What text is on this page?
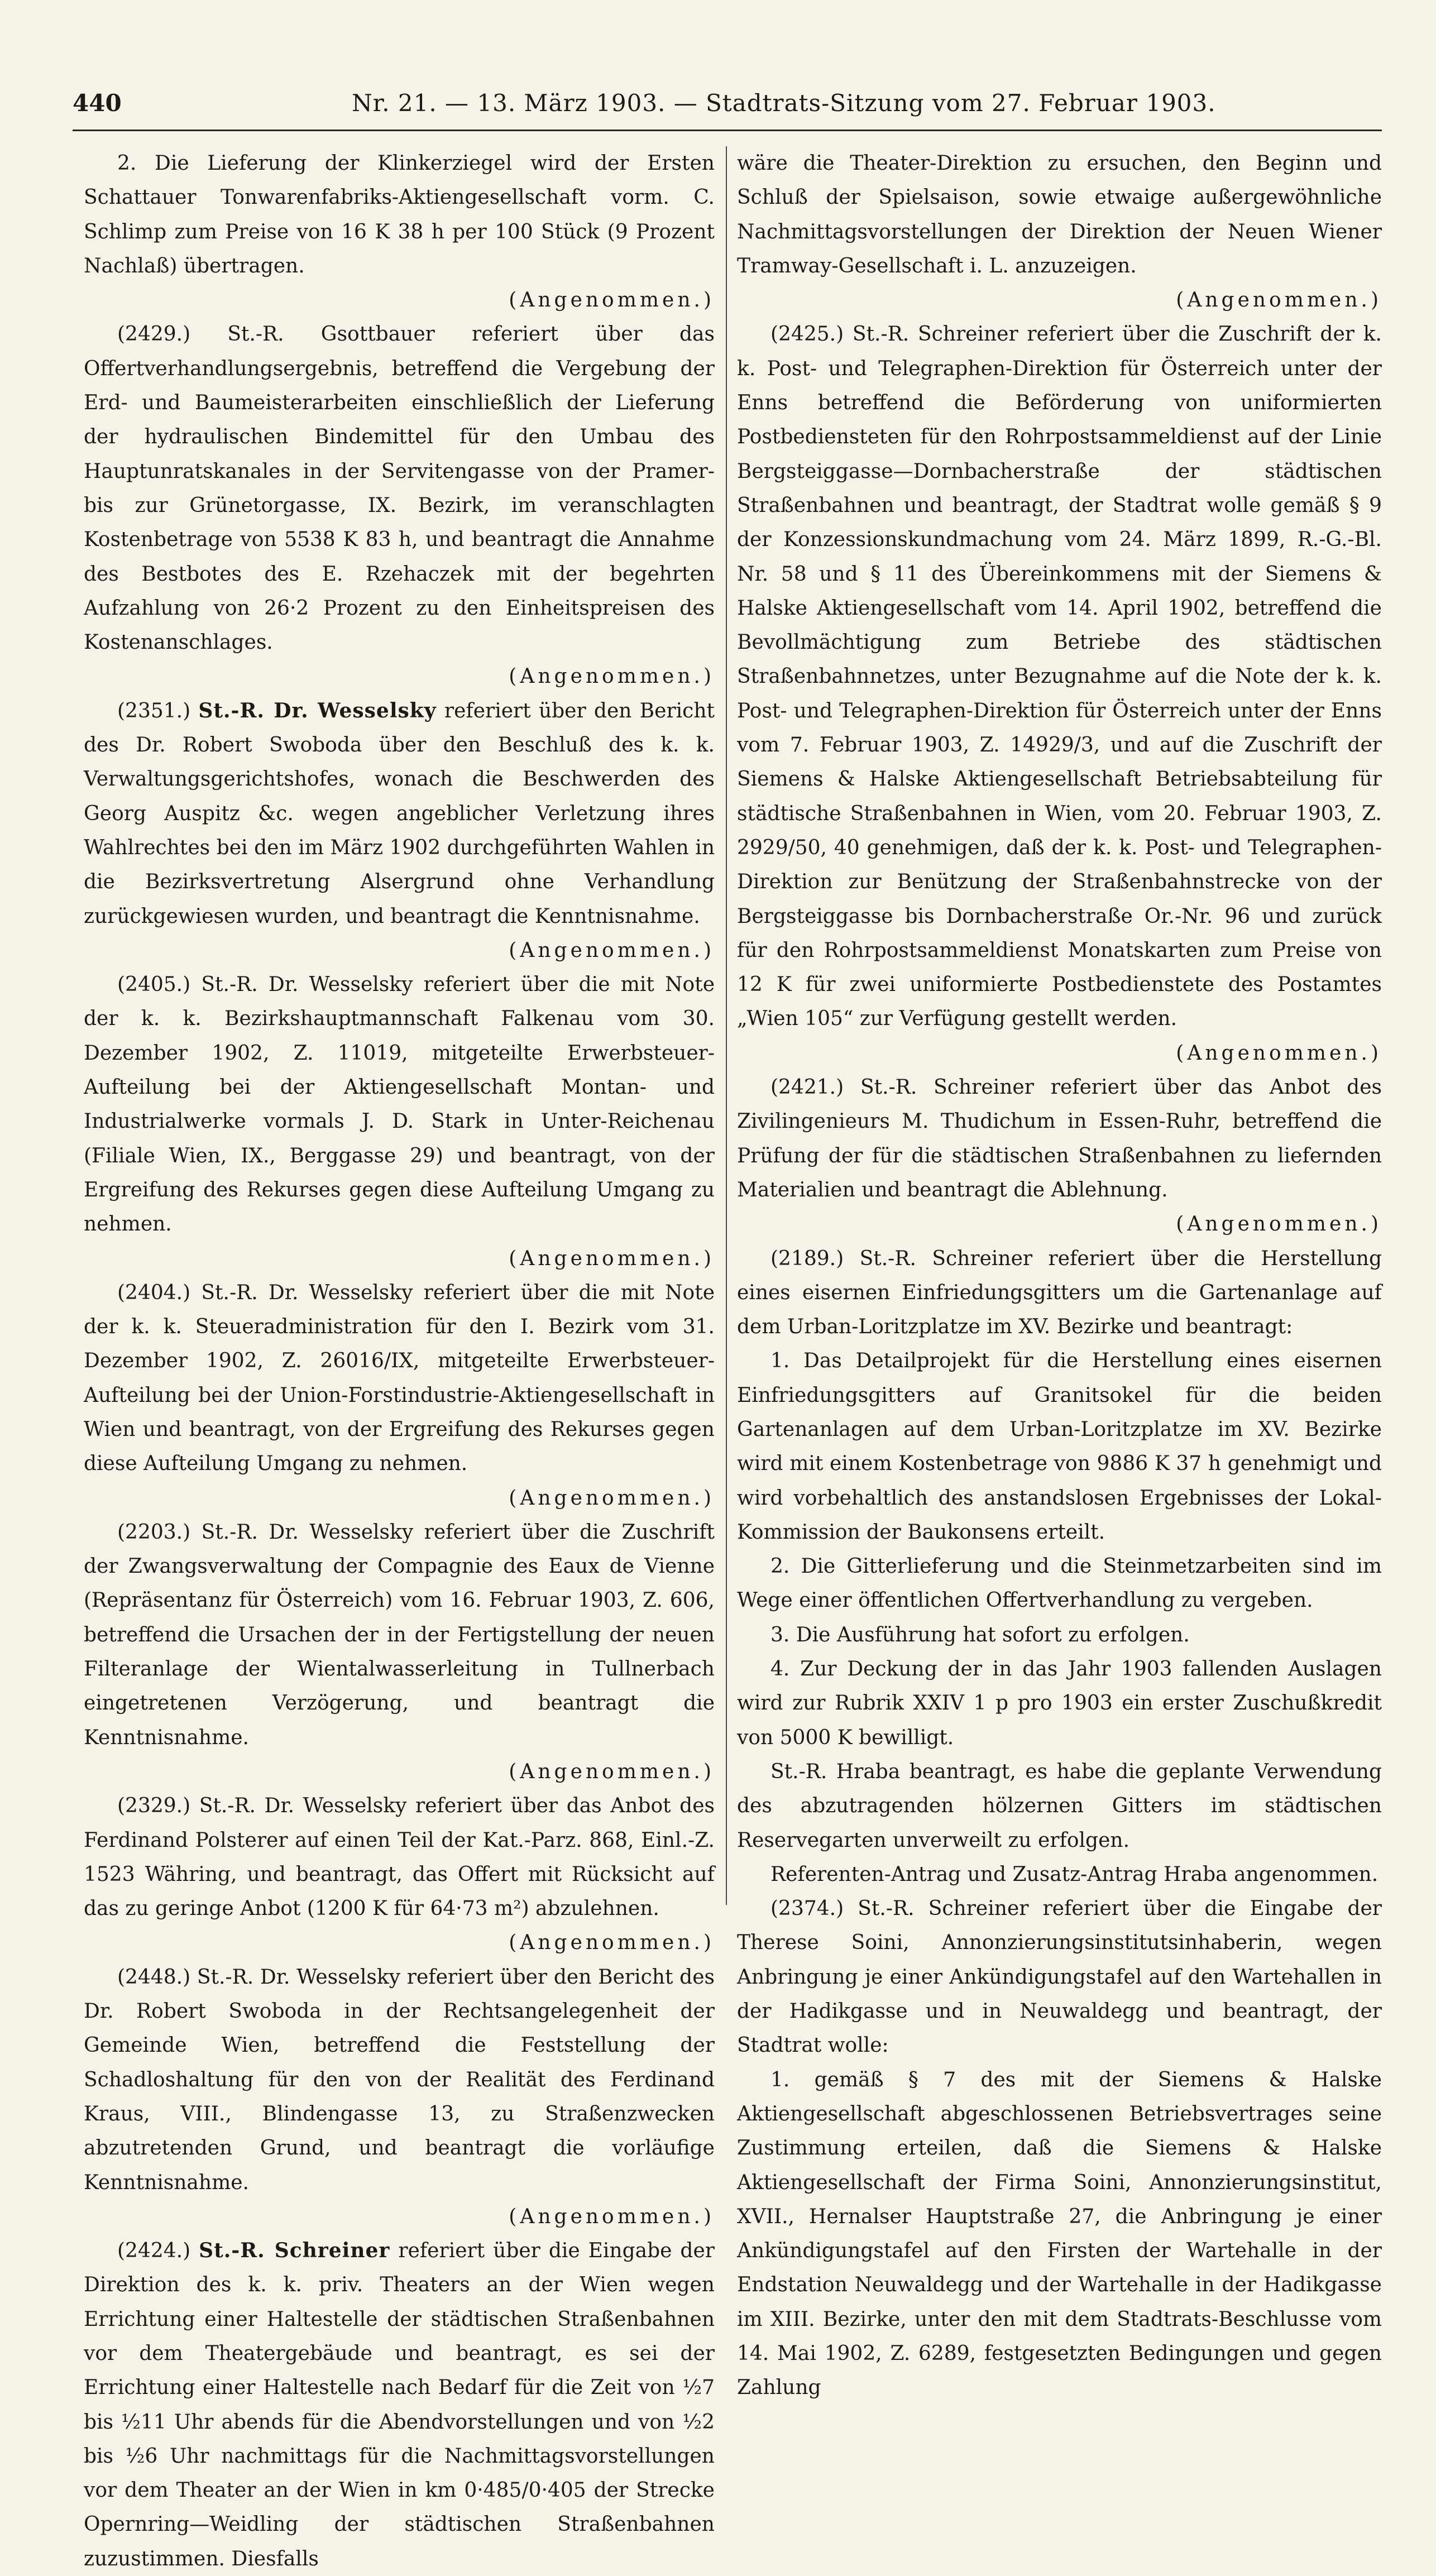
440	Nr. 21. — 13. März 1903. — Stadtrats-Sitzung vom 27. Februar 1903.

2. Die Lieferung der Klinkerziegel wird der Ersten Schattauer Tonwarenfabriks-Aktiengesellschaft vorm. C. Schlimp zum Preise von 16 K 38 h per 100 Stück (9 Prozent Nachlaß) übertragen.

(Angenommen.)

(2429.) St.-R. Gsottbauer referiert über das Offertverhandlungsergebnis, betreffend die Vergebung der Erd- und Baumeisterarbeiten einschließlich der Lieferung der hydraulischen Bindemittel für den Umbau des Hauptunratskanales in der Servitengasse von der Pramer- bis zur Grünetorgasse, IX. Bezirk, im veranschlagten Kostenbetrage von 5538 K 83 h, und beantragt die Annahme des Bestbotes des E. Rzehaczek mit der begehrten Aufzahlung von 26·2 Prozent zu den Einheitspreisen des Kostenanschlages.

(Angenommen.)

(2351.) St.-R. Dr. Wesselsky referiert über den Bericht des Dr. Robert Swoboda über den Beschluß des k. k. Verwaltungsgerichtshofes, wonach die Beschwerden des Georg Auspitz &c. wegen angeblicher Verletzung ihres Wahlrechtes bei den im März 1902 durchgeführten Wahlen in die Bezirksvertretung Alsergrund ohne Verhandlung zurückgewiesen wurden, und beantragt die Kenntnisnahme.

(Angenommen.)

(2405.) St.-R. Dr. Wesselsky referiert über die mit Note der k. k. Bezirkshauptmannschaft Falkenau vom 30. Dezember 1902, Z. 11019, mitgeteilte Erwerbsteuer-Aufteilung bei der Aktiengesellschaft Montan- und Industrialwerke vormals J. D. Stark in Unter-Reichenau (Filiale Wien, IX., Berggasse 29) und beantragt, von der Ergreifung des Rekurses gegen diese Aufteilung Umgang zu nehmen.

(Angenommen.)

(2404.) St.-R. Dr. Wesselsky referiert über die mit Note der k. k. Steueradministration für den I. Bezirk vom 31. Dezember 1902, Z. 26016/IX, mitgeteilte Erwerbsteuer-Aufteilung bei der Union-Forstindustrie-Aktiengesellschaft in Wien und beantragt, von der Ergreifung des Rekurses gegen diese Aufteilung Umgang zu nehmen.

(Angenommen.)

(2203.) St.-R. Dr. Wesselsky referiert über die Zuschrift der Zwangsverwaltung der Compagnie des Eaux de Vienne (Repräsentanz für Österreich) vom 16. Februar 1903, Z. 606, betreffend die Ursachen der in der Fertigstellung der neuen Filteranlage der Wientalwasserleitung in Tullnerbach eingetretenen Verzögerung, und beantragt die Kenntnisnahme.

(Angenommen.)

(2329.) St.-R. Dr. Wesselsky referiert über das Anbot des Ferdinand Polsterer auf einen Teil der Kat.-Parz. 868, Einl.-Z. 1523 Währing, und beantragt, das Offert mit Rücksicht auf das zu geringe Anbot (1200 K für 64·73 m²) abzulehnen.

(Angenommen.)

(2448.) St.-R. Dr. Wesselsky referiert über den Bericht des Dr. Robert Swoboda in der Rechtsangelegenheit der Gemeinde Wien, betreffend die Feststellung der Schadloshaltung für den von der Realität des Ferdinand Kraus, VIII., Blindengasse 13, zu Straßenzwecken abzutretenden Grund, und beantragt die vorläufige Kenntnisnahme.

(Angenommen.)

(2424.) St.-R. Schreiner referiert über die Eingabe der Direktion des k. k. priv. Theaters an der Wien wegen Errichtung einer Haltestelle der städtischen Straßenbahnen vor dem Theatergebäude und beantragt, es sei der Errichtung einer Haltestelle nach Bedarf für die Zeit von ½7 bis ½11 Uhr abends für die Abendvorstellungen und von ½2 bis ½6 Uhr nachmittags für die Nachmittagsvorstellungen vor dem Theater an der Wien in km 0·485/0·405 der Strecke Opernring—Weidling der städtischen Straßenbahnen zuzustimmen. Diesfalls

wäre die Theater-Direktion zu ersuchen, den Beginn und Schluß der Spielsaison, sowie etwaige außergewöhnliche Nachmittagsvorstellungen der Direktion der Neuen Wiener Tramway-Gesellschaft i. L. anzuzeigen.

(Angenommen.)

(2425.) St.-R. Schreiner referiert über die Zuschrift der k. k. Post- und Telegraphen-Direktion für Österreich unter der Enns betreffend die Beförderung von uniformierten Postbediensteten für den Rohrpostsammeldienst auf der Linie Bergsteiggasse—Dornbacherstraße der städtischen Straßenbahnen und beantragt, der Stadtrat wolle gemäß § 9 der Konzessionskundmachung vom 24. März 1899, R.-G.-Bl. Nr. 58 und § 11 des Übereinkommens mit der Siemens & Halske Aktiengesellschaft vom 14. April 1902, betreffend die Bevollmächtigung zum Betriebe des städtischen Straßenbahnnetzes, unter Bezugnahme auf die Note der k. k. Post- und Telegraphen-Direktion für Österreich unter der Enns vom 7. Februar 1903, Z. 14929/3, und auf die Zuschrift der Siemens & Halske Aktiengesellschaft Betriebsabteilung für städtische Straßenbahnen in Wien, vom 20. Februar 1903, Z. 2929/50, 40 genehmigen, daß der k. k. Post- und Telegraphen-Direktion zur Benützung der Straßenbahnstrecke von der Bergsteiggasse bis Dornbacherstraße Or.-Nr. 96 und zurück für den Rohrpostsammeldienst Monatskarten zum Preise von 12 K für zwei uniformierte Postbedienstete des Postamtes „Wien 105“ zur Verfügung gestellt werden.

(Angenommen.)

(2421.) St.-R. Schreiner referiert über das Anbot des Zivilingenieurs M. Thudichum in Essen-Ruhr, betreffend die Prüfung der für die städtischen Straßenbahnen zu liefernden Materialien und beantragt die Ablehnung.

(Angenommen.)

(2189.) St.-R. Schreiner referiert über die Herstellung eines eisernen Einfriedungsgitters um die Gartenanlage auf dem Urban-Loritzplatze im XV. Bezirke und beantragt:

1. Das Detailprojekt für die Herstellung eines eisernen Einfriedungsgitters auf Granitsokel für die beiden Gartenanlagen auf dem Urban-Loritzplatze im XV. Bezirke wird mit einem Kostenbetrage von 9886 K 37 h genehmigt und wird vorbehaltlich des anstandslosen Ergebnisses der Lokal-Kommission der Baukonsens erteilt.

2. Die Gitterlieferung und die Steinmetzarbeiten sind im Wege einer öffentlichen Offertverhandlung zu vergeben.

3. Die Ausführung hat sofort zu erfolgen.

4. Zur Deckung der in das Jahr 1903 fallenden Auslagen wird zur Rubrik XXIV 1 p pro 1903 ein erster Zuschußkredit von 5000 K bewilligt.

St.-R. Hraba beantragt, es habe die geplante Verwendung des abzutragenden hölzernen Gitters im städtischen Reservegarten unverweilt zu erfolgen.

Referenten-Antrag und Zusatz-Antrag Hraba angenommen.

(2374.) St.-R. Schreiner referiert über die Eingabe der Therese Soini, Annonzierungsinstitutsinhaberin, wegen Anbringung je einer Ankündigungstafel auf den Wartehallen in der Hadikgasse und in Neuwaldegg und beantragt, der Stadtrat wolle:

1. gemäß § 7 des mit der Siemens & Halske Aktiengesellschaft abgeschlossenen Betriebsvertrages seine Zustimmung erteilen, daß die Siemens & Halske Aktiengesellschaft der Firma Soini, Annonzierungsinstitut, XVII., Hernalser Hauptstraße 27, die Anbringung je einer Ankündigungstafel auf den Firsten der Wartehalle in der Endstation Neuwaldegg und der Wartehalle in der Hadikgasse im XIII. Bezirke, unter den mit dem Stadtrats-Beschlusse vom 14. Mai 1902, Z. 6289, festgesetzten Bedingungen und gegen Zahlung
